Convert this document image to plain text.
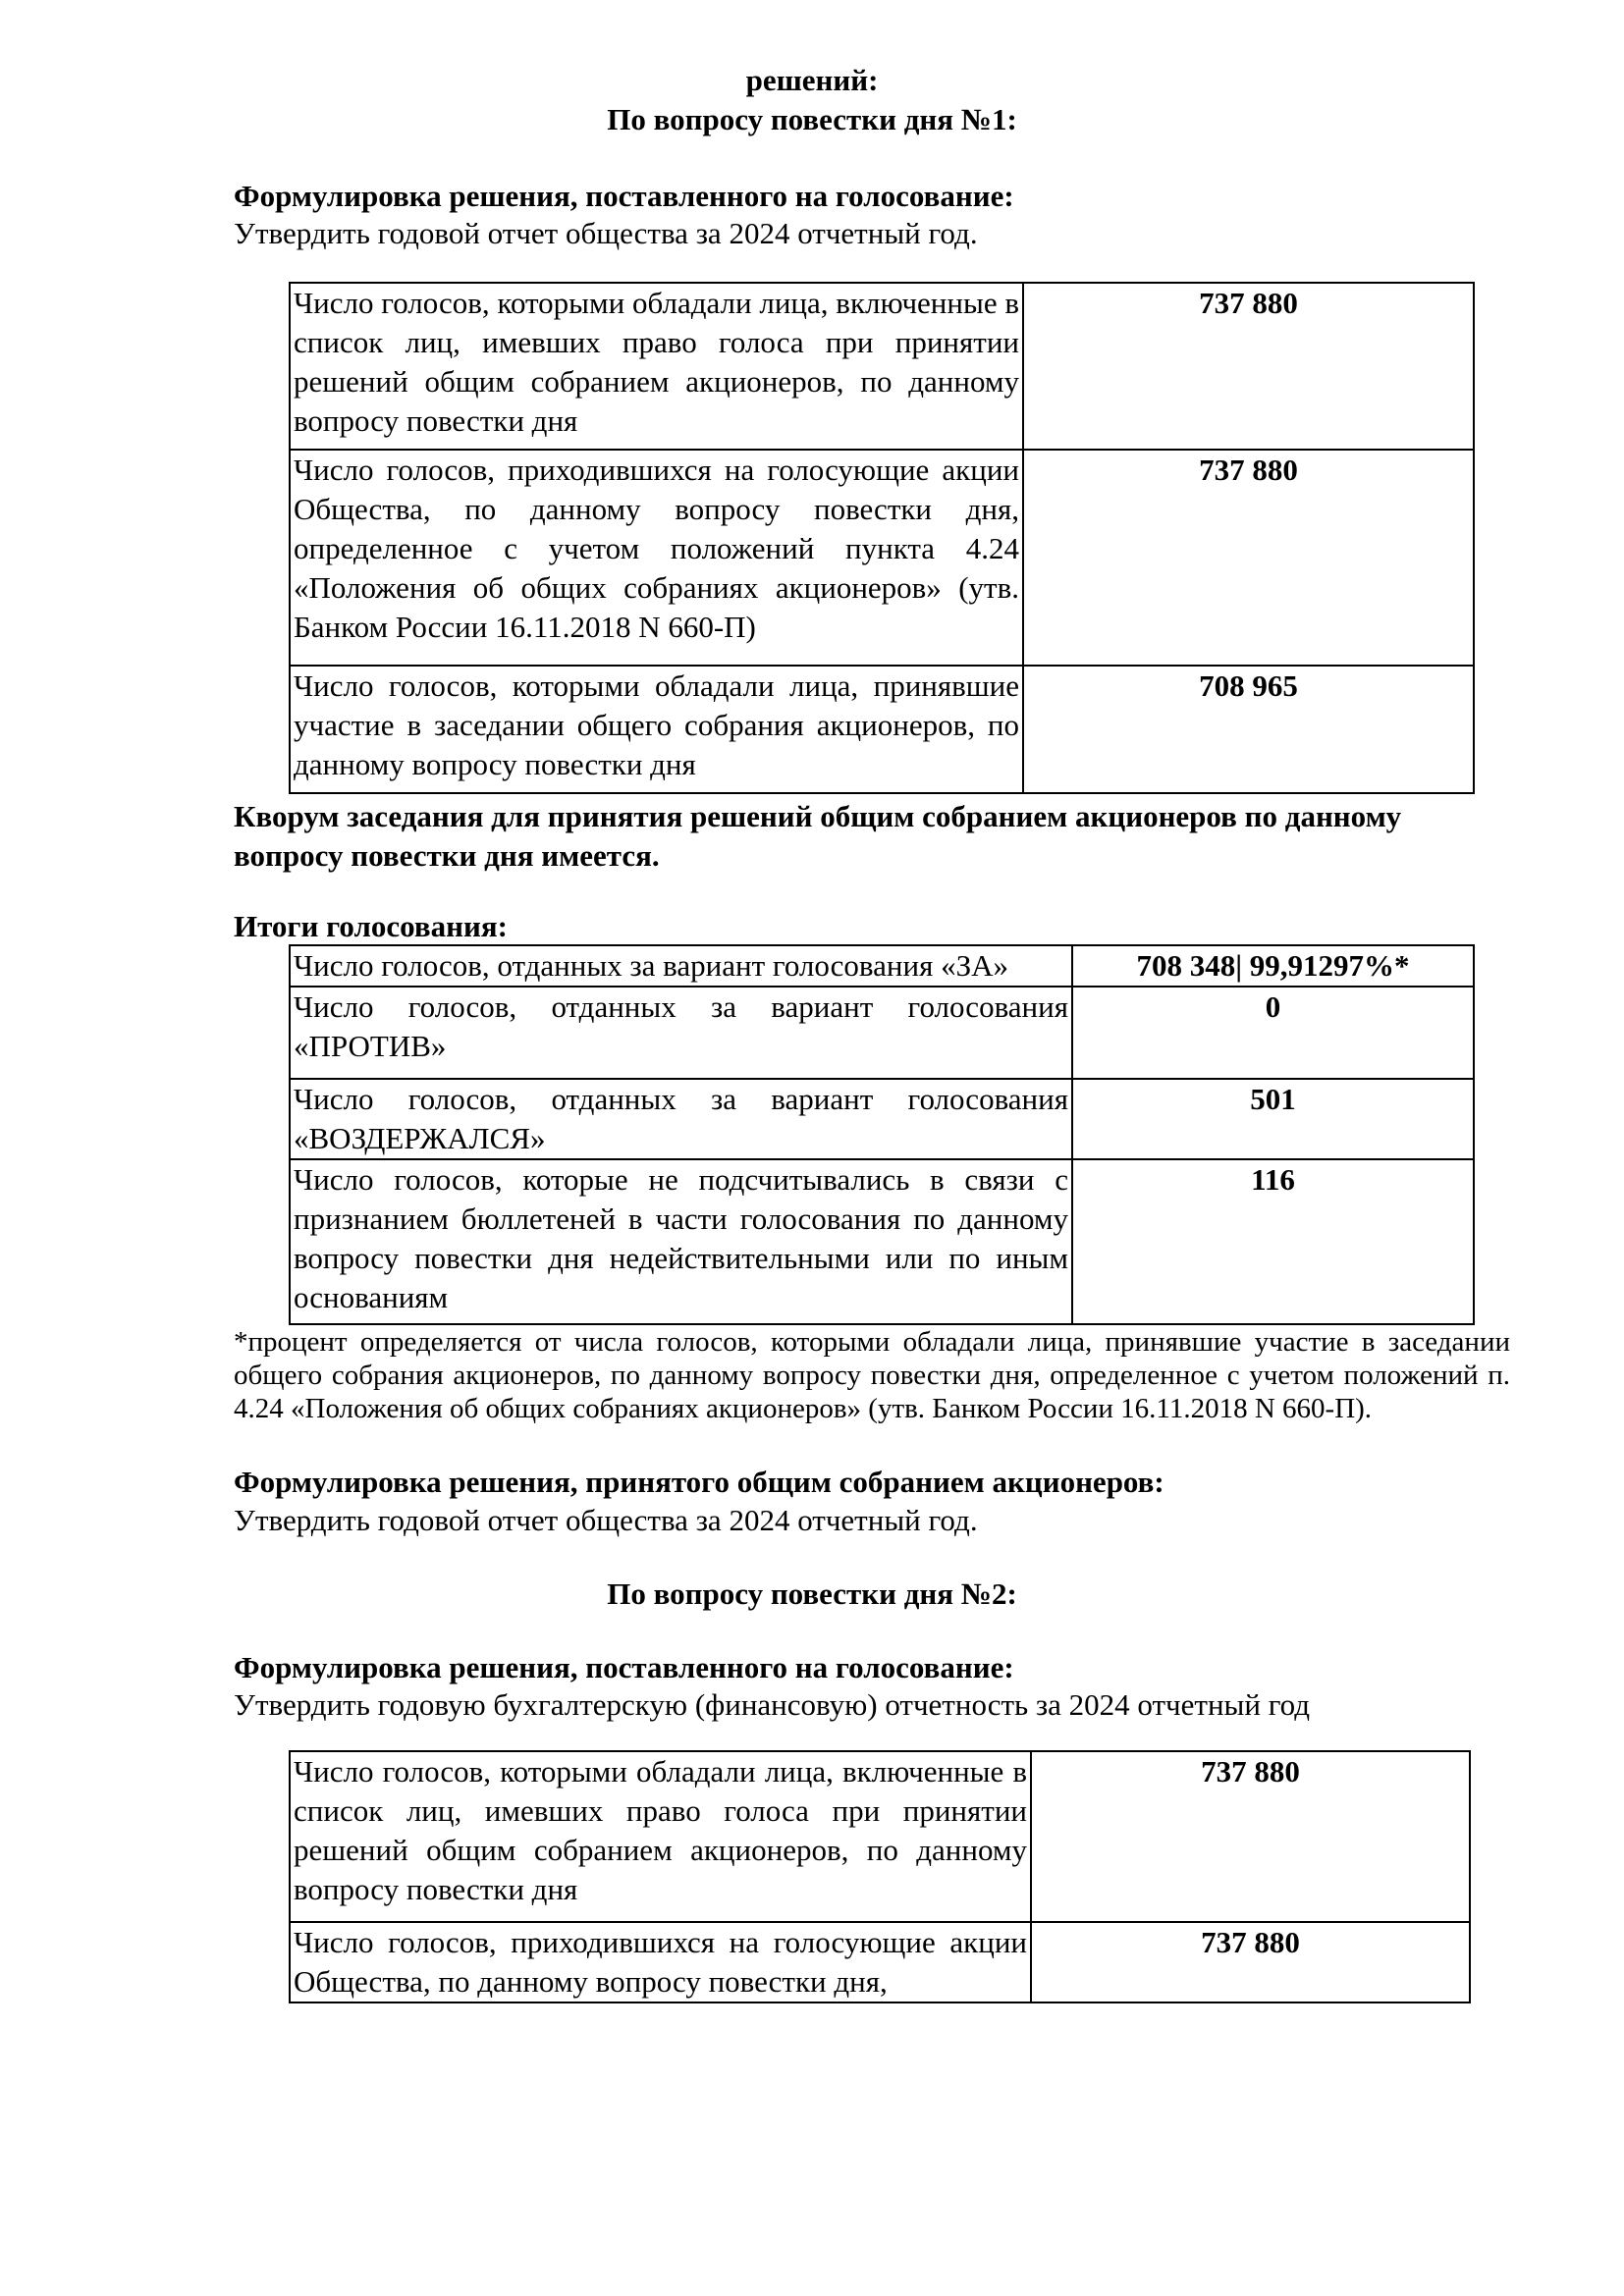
решений:
По вопросу повестки дня №1:
Формулировка решения, поставленного на голосование:
Утвердить годовой отчет общества за 2024 отчетный год.
Число голосов, которыми обладали лица, включенные в список лиц, имевших право голоса при принятии решений общим собранием акционеров, по данному вопросу повестки дня	737 880
Число голосов, приходившихся на голосующие акции Общества, по данному вопросу повестки дня, определенное с учетом положений пункта 4.24 «Положения об общих собраниях акционеров» (утв. Банком России 16.11.2018 N 660-П)	737 880
Число голосов, которыми обладали лица, принявшие участие в заседании общего собрания акционеров, по данному вопросу повестки дня	708 965
Кворум заседания для принятия решений общим собранием акционеров по данному вопросу повестки дня имеется.
Итоги голосования:
Число голосов, отданных за вариант голосования «ЗА»	708 348| 99,91297%*
Число голосов, отданных за вариант голосования «ПРОТИВ»	0
Число голосов, отданных за вариант голосования «ВОЗДЕРЖАЛСЯ»	501
Число голосов, которые не подсчитывались в связи с признанием бюллетеней в части голосования по данному вопросу повестки дня недействительными или по иным основаниям	116
*процент определяется от числа голосов, которыми обладали лица, принявшие участие в заседании общего собрания акционеров, по данному вопросу повестки дня, определенное с учетом положений п. 4.24 «Положения об общих собраниях акционеров» (утв. Банком России 16.11.2018 N 660-П).
Формулировка решения, принятого общим собранием акционеров:
Утвердить годовой отчет общества за 2024 отчетный год.
По вопросу повестки дня №2:
Формулировка решения, поставленного на голосование:
Утвердить годовую бухгалтерскую (финансовую) отчетность за 2024 отчетный год
Число голосов, которыми обладали лица, включенные в список лиц, имевших право голоса при принятии решений общим собранием акционеров, по данному вопросу повестки дня	737 880
Число голосов, приходившихся на голосующие акции Общества, по данному вопросу повестки дня,	737 880
